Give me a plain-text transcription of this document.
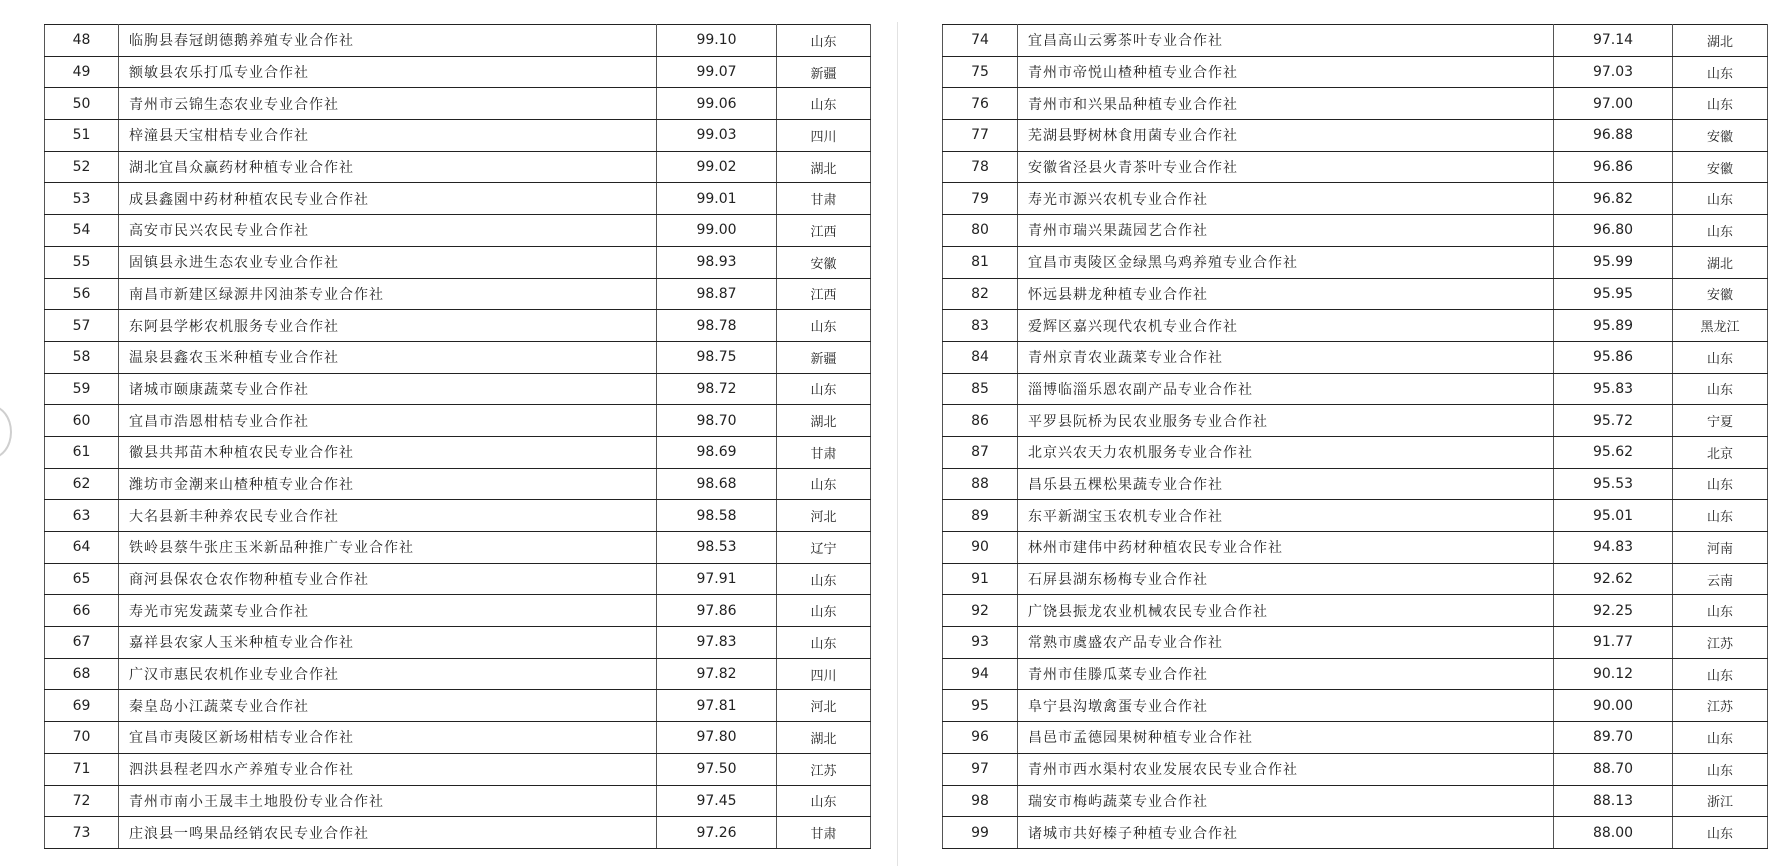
48	临朐县春冠朗德鹅养殖专业合作社	99.10	山东
49	额敏县农乐打瓜专业合作社	99.07	新疆
50	青州市云锦生态农业专业合作社	99.06	山东
51	梓潼县天宝柑桔专业合作社	99.03	四川
52	湖北宜昌众赢药材种植专业合作社	99.02	湖北
53	成县鑫園中药材种植农民专业合作社	99.01	甘肃
54	高安市民兴农民专业合作社	99.00	江西
55	固镇县永进生态农业专业合作社	98.93	安徽
56	南昌市新建区绿源井冈油茶专业合作社	98.87	江西
57	东阿县学彬农机服务专业合作社	98.78	山东
58	温泉县鑫农玉米种植专业合作社	98.75	新疆
59	诸城市颐康蔬菜专业合作社	98.72	山东
60	宜昌市浩恩柑桔专业合作社	98.70	湖北
61	徽县共邦苗木种植农民专业合作社	98.69	甘肃
62	潍坊市金潮来山楂种植专业合作社	98.68	山东
63	大名县新丰种养农民专业合作社	98.58	河北
64	铁岭县蔡牛张庄玉米新品种推广专业合作社	98.53	辽宁
65	商河县保农仓农作物种植专业合作社	97.91	山东
66	寿光市宪发蔬菜专业合作社	97.86	山东
67	嘉祥县农家人玉米种植专业合作社	97.83	山东
68	广汉市惠民农机作业专业合作社	97.82	四川
69	秦皇岛小江蔬菜专业合作社	97.81	河北
70	宜昌市夷陵区新场柑桔专业合作社	97.80	湖北
71	泗洪县程老四水产养殖专业合作社	97.50	江苏
72	青州市南小王晟丰土地股份专业合作社	97.45	山东
73	庄浪县一鸣果品经销农民专业合作社	97.26	甘肃
74	宜昌高山云雾茶叶专业合作社	97.14	湖北
75	青州市帝悦山楂种植专业合作社	97.03	山东
76	青州市和兴果品种植专业合作社	97.00	山东
77	芜湖县野树林食用菌专业合作社	96.88	安徽
78	安徽省泾县火青茶叶专业合作社	96.86	安徽
79	寿光市源兴农机专业合作社	96.82	山东
80	青州市瑞兴果蔬园艺合作社	96.80	山东
81	宜昌市夷陵区金绿黑乌鸡养殖专业合作社	95.99	湖北
82	怀远县耕龙种植专业合作社	95.95	安徽
83	爱辉区嘉兴现代农机专业合作社	95.89	黑龙江
84	青州京青农业蔬菜专业合作社	95.86	山东
85	淄博临淄乐恩农副产品专业合作社	95.83	山东
86	平罗县阮桥为民农业服务专业合作社	95.72	宁夏
87	北京兴农天力农机服务专业合作社	95.62	北京
88	昌乐县五棵松果蔬专业合作社	95.53	山东
89	东平新湖宝玉农机专业合作社	95.01	山东
90	林州市建伟中药材种植农民专业合作社	94.83	河南
91	石屏县湖东杨梅专业合作社	92.62	云南
92	广饶县振龙农业机械农民专业合作社	92.25	山东
93	常熟市虞盛农产品专业合作社	91.77	江苏
94	青州市佳滕瓜菜专业合作社	90.12	山东
95	阜宁县沟墩禽蛋专业合作社	90.00	江苏
96	昌邑市孟德园果树种植专业合作社	89.70	山东
97	青州市西水渠村农业发展农民专业合作社	88.70	山东
98	瑞安市梅屿蔬菜专业合作社	88.13	浙江
99	诸城市共好榛子种植专业合作社	88.00	山东
